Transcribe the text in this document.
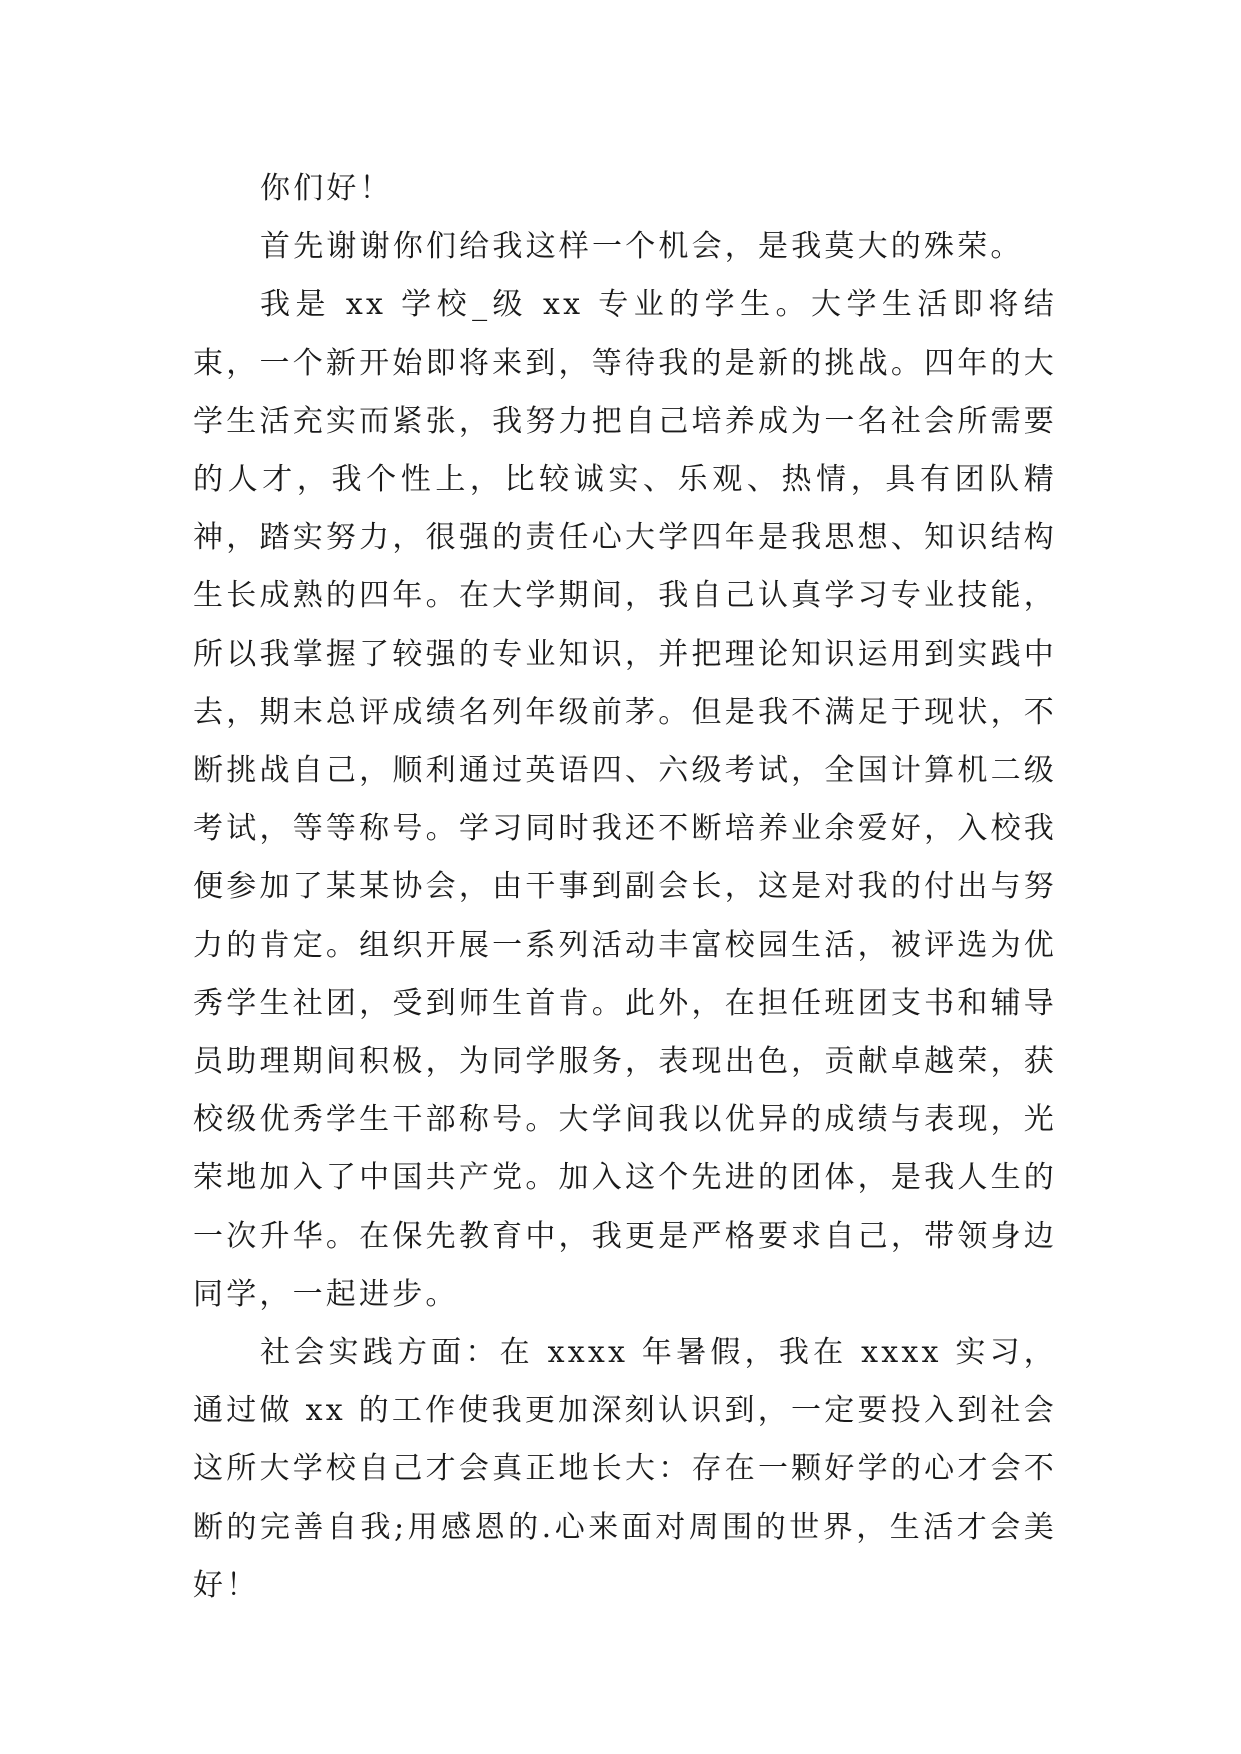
你们好！

首先谢谢你们给我这样一个机会，是我莫大的殊荣。

我是 xx 学校_级 xx 专业的学生。大学生活即将结束，一个新开始即将来到，等待我的是新的挑战。四年的大学生活充实而紧张，我努力把自己培养成为一名社会所需要的人才，我个性上，比较诚实、乐观、热情，具有团队精神，踏实努力，很强的责任心大学四年是我思想、知识结构生长成熟的四年。在大学期间，我自己认真学习专业技能，所以我掌握了较强的专业知识，并把理论知识运用到实践中去，期末总评成绩名列年级前茅。但是我不满足于现状，不断挑战自己，顺利通过英语四、六级考试，全国计算机二级考试，等等称号。学习同时我还不断培养业余爱好，入校我便参加了某某协会，由干事到副会长，这是对我的付出与努力的肯定。组织开展一系列活动丰富校园生活，被评选为优秀学生社团，受到师生首肯。此外，在担任班团支书和辅导员助理期间积极，为同学服务，表现出色，贡献卓越荣，获校级优秀学生干部称号。大学间我以优异的成绩与表现，光荣地加入了中国共产党。加入这个先进的团体，是我人生的一次升华。在保先教育中，我更是严格要求自己，带领身边同学，一起进步。

社会实践方面：在 xxxx 年暑假，我在 xxxx 实习，通过做 xx 的工作使我更加深刻认识到，一定要投入到社会这所大学校自己才会真正地长大：存在一颗好学的心才会不断的完善自我;用感恩的.心来面对周围的世界，生活才会美好！
